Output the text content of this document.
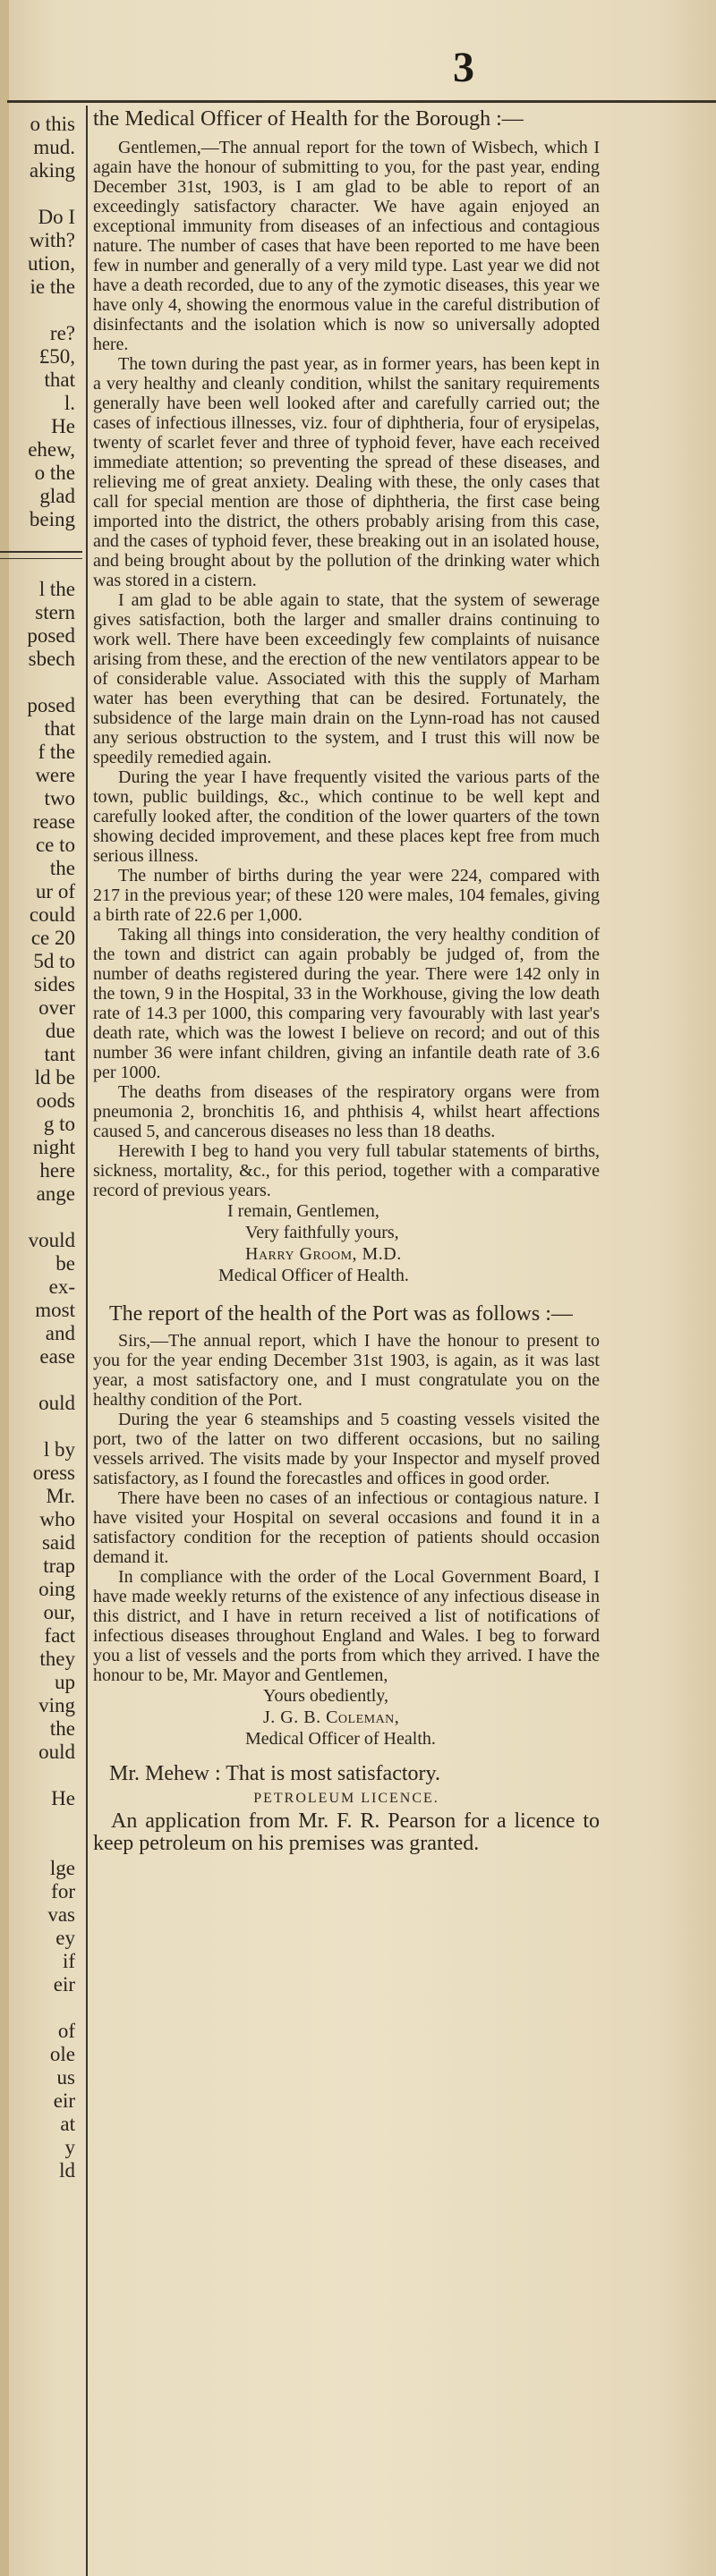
3
o this
mud.
aking
Do I
with?
ution,
ie the
re?
£50,
that
l.
He
ehew,
o the
glad
being
l the
stern
posed
sbech
posed
that
f the
were
two
rease
ce to
the
ur of
could
ce 20
5d to
sides
over
due
tant
ld be
oods
g to
night
here
ange
vould
be
ex-
most
and
ease
ould
l by
oress
Mr.
who
said
trap
oing
our,
fact
they
up
ving
the
ould
He
lge
for
vas
ey
if
eir
of
ole
us
eir
at
y
ld

the Medical Officer of Health for the Borough :—

Gentlemen,—The annual report for the town of Wisbech, which I again have the honour of submitting to you, for the past year, ending December 31st, 1903, is I am glad to be able to report of an exceedingly satisfactory character. We have again enjoyed an exceptional immunity from diseases of an infectious and contagious nature. The number of cases that have been reported to me have been few in number and generally of a very mild type. Last year we did not have a death recorded, due to any of the zymotic diseases, this year we have only 4, showing the enormous value in the careful distribution of disinfectants and the isolation which is now so universally adopted here.

The town during the past year, as in former years, has been kept in a very healthy and cleanly condition, whilst the sanitary requirements generally have been well looked after and carefully carried out; the cases of infectious illnesses, viz. four of diphtheria, four of erysipelas, twenty of scarlet fever and three of typhoid fever, have each received immediate attention; so preventing the spread of these diseases, and relieving me of great anxiety. Dealing with these, the only cases that call for special mention are those of diphtheria, the first case being imported into the district, the others probably arising from this case, and the cases of typhoid fever, these breaking out in an isolated house, and being brought about by the pollution of the drinking water which was stored in a cistern.

I am glad to be able again to state, that the system of sewerage gives satisfaction, both the larger and smaller drains continuing to work well. There have been exceedingly few complaints of nuisance arising from these, and the erection of the new ventilators appear to be of considerable value. Associated with this the supply of Marham water has been everything that can be desired. Fortunately, the subsidence of the large main drain on the Lynn-road has not caused any serious obstruction to the system, and I trust this will now be speedily remedied again.

During the year I have frequently visited the various parts of the town, public buildings, &c., which continue to be well kept and carefully looked after, the condition of the lower quarters of the town showing decided improvement, and these places kept free from much serious illness.

The number of births during the year were 224, compared with 217 in the previous year; of these 120 were males, 104 females, giving a birth rate of 22.6 per 1,000.

Taking all things into consideration, the very healthy condition of the town and district can again probably be judged of, from the number of deaths registered during the year. There were 142 only in the town, 9 in the Hospital, 33 in the Workhouse, giving the low death rate of 14.3 per 1000, this comparing very favourably with last year's death rate, which was the lowest I believe on record; and out of this number 36 were infant children, giving an infantile death rate of 3.6 per 1000.

The deaths from diseases of the respiratory organs were from pneumonia 2, bronchitis 16, and phthisis 4, whilst heart affections caused 5, and cancerous diseases no less than 18 deaths.

Herewith I beg to hand you very full tabular statements of births, sickness, mortality, &c., for this period, together with a comparative record of previous years.

I remain, Gentlemen,

Very faithfully yours,

Harry Groom, M.D.

Medical Officer of Health.

The report of the health of the Port was as follows :—

Sirs,—The annual report, which I have the honour to present to you for the year ending December 31st 1903, is again, as it was last year, a most satisfactory one, and I must congratulate you on the healthy condition of the Port.

During the year 6 steamships and 5 coasting vessels visited the port, two of the latter on two different occasions, but no sailing vessels arrived. The visits made by your Inspector and myself proved satisfactory, as I found the forecastles and offices in good order.

There have been no cases of an infectious or contagious nature. I have visited your Hospital on several occasions and found it in a satisfactory condition for the reception of patients should occasion demand it.

In compliance with the order of the Local Government Board, I have made weekly returns of the existence of any infectious disease in this district, and I have in return received a list of notifications of infectious diseases throughout England and Wales. I beg to forward you a list of vessels and the ports from which they arrived. I have the honour to be, Mr. Mayor and Gentlemen,

Yours obediently,

J. G. B. Coleman,

Medical Officer of Health.

Mr. Mehew : That is most satisfactory.

PETROLEUM LICENCE.

An application from Mr. F. R. Pearson for a licence to keep petroleum on his premises was granted.
